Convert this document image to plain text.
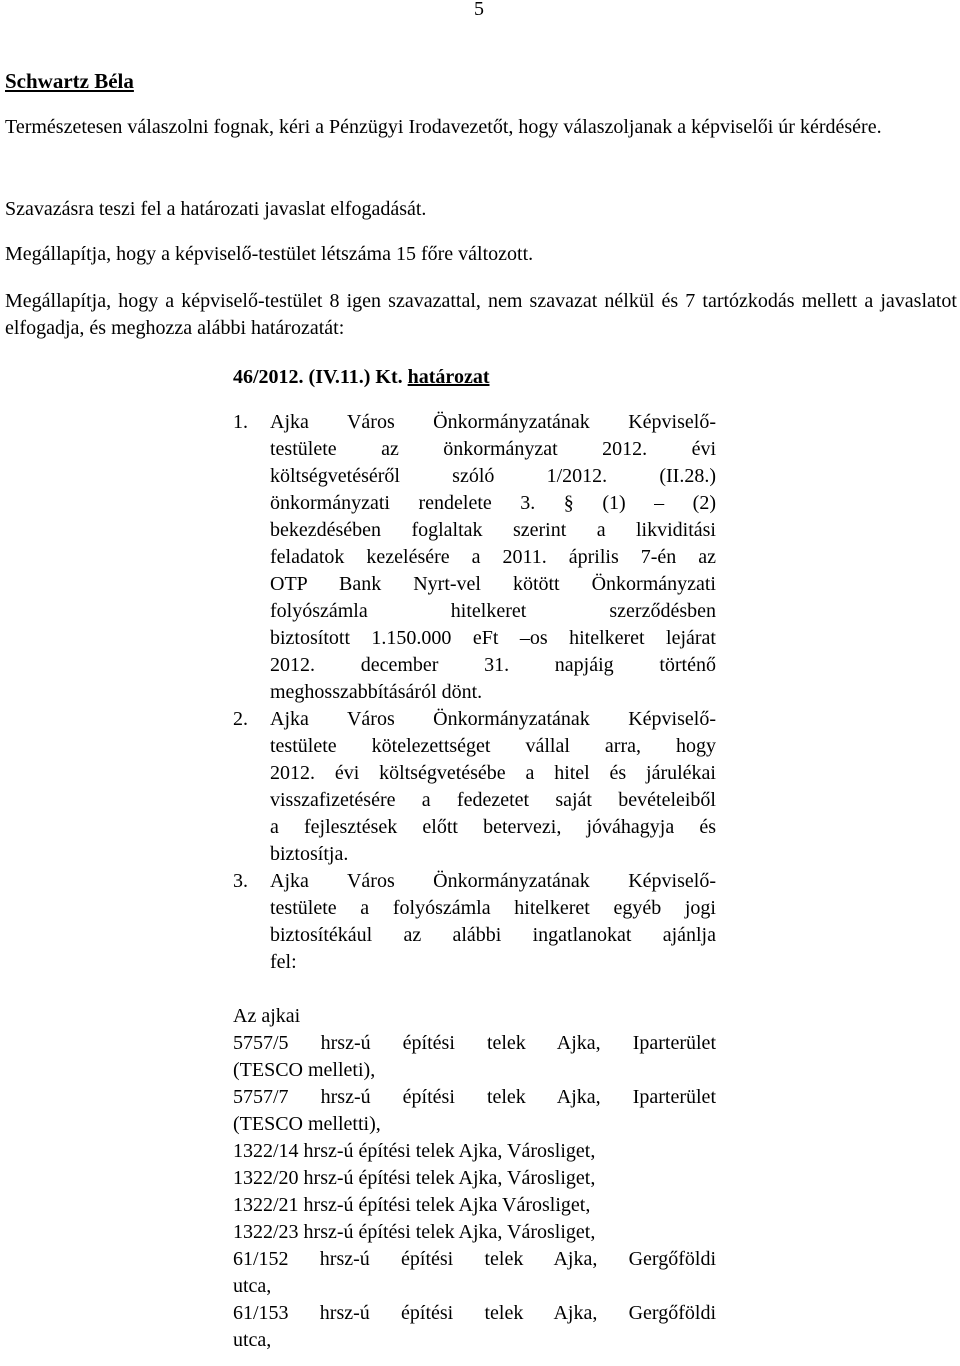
5
Schwartz Béla

Természetesen válaszolni fognak, kéri a Pénzügyi Irodavezetőt, hogy válaszoljanak a képviselői úr kérdésére.

Szavazásra teszi fel a határozati javaslat elfogadását.

Megállapítja, hogy a képviselő-testület létszáma 15 főre változott.

Megállapítja, hogy a képviselő-testület 8 igen szavazattal, nem szavazat nélkül és 7 tartózkodás mellett a javaslatot elfogadja, és meghozza alábbi határozatát:

46/2012. (IV.11.) Kt. határozat
1. Ajka Város Önkormányzatának Képviselő-
testülete az önkormányzat 2012. évi
költségvetéséről szóló 1/2012. (II.28.)
önkormányzati rendelete 3. § (1) – (2)
bekezdésében foglaltak szerint a likviditási
feladatok kezelésére a 2011. április 7-én az
OTP Bank Nyrt-vel kötött Önkormányzati
folyószámla hitelkeret szerződésben
biztosított 1.150.000 eFt –os hitelkeret lejárat
2012. december 31. napjáig történő
meghosszabbításáról dönt.
2. Ajka Város Önkormányzatának Képviselő-
testülete kötelezettséget vállal arra, hogy
2012. évi költségvetésébe a hitel és járulékai
visszafizetésére a fedezetet saját bevételeiből
a fejlesztések előtt betervezi, jóváhagyja és
biztosítja.
3. Ajka Város Önkormányzatának Képviselő-
testülete a folyószámla hitelkeret egyéb jogi
biztosítékául az alábbi ingatlanokat ajánlja
fel:
Az ajkai
5757/5 hrsz-ú építési telek Ajka, Iparterület
(TESCO melleti),
5757/7 hrsz-ú építési telek Ajka, Iparterület
(TESCO melletti),
1322/14 hrsz-ú építési telek Ajka, Városliget,
1322/20 hrsz-ú építési telek Ajka, Városliget,
1322/21 hrsz-ú építési telek Ajka Városliget,
1322/23 hrsz-ú építési telek Ajka, Városliget,
61/152 hrsz-ú építési telek Ajka, Gergőföldi
utca,
61/153 hrsz-ú építési telek Ajka, Gergőföldi
utca,
